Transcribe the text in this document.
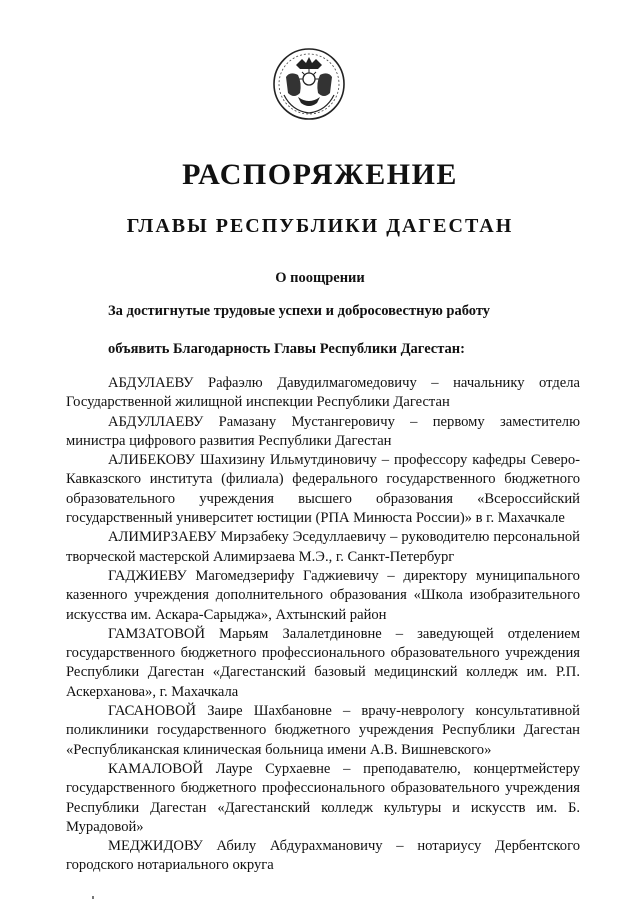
РАСПОРЯЖЕНИЕ
ГЛАВЫ РЕСПУБЛИКИ ДАГЕСТАН
О поощрении
За достигнутые трудовые успехи и добросовестную работу
объявить Благодарность Главы Республики Дагестан:

АБДУЛАЕВУ Рафаэлю Давудилмагомедовичу – начальнику отдела Государственной жилищной инспекции Республики Дагестан

АБДУЛЛАЕВУ Рамазану Мустангеровичу – первому заместителю министра цифрового развития Республики Дагестан

АЛИБЕКОВУ Шахизину Ильмутдиновичу – профессору кафедры Северо-Кавказского института (филиала) федерального государственного бюджетного образовательного учреждения высшего образования «Всероссийский государственный университет юстиции (РПА Минюста России)» в г. Махачкале

АЛИМИРЗАЕВУ Мирзабеку Эседуллаевичу – руководителю персональной творческой мастерской Алимирзаева М.Э., г. Санкт-Петербург

ГАДЖИЕВУ Магомедзерифу Гаджиевичу – директору муниципального казенного учреждения дополнительного образования «Школа изобразительного искусства им. Аскара-Сарыджа», Ахтынский район

ГАМЗАТОВОЙ Марьям Залалетдиновне – заведующей отделением государственного бюджетного профессионального образовательного учреждения Республики Дагестан «Дагестанский базовый медицинский колледж им. Р.П. Аскерханова», г. Махачкала

ГАСАНОВОЙ Заире Шахбановне – врачу-неврологу консультативной поликлиники государственного бюджетного учреждения Республики Дагестан «Республиканская клиническая больница имени А.В. Вишневского»

КАМАЛОВОЙ Лауре Сурхаевне – преподавателю, концертмейстеру государственного бюджетного профессионального образовательного учреждения Республики Дагестан «Дагестанский колледж культуры и искусств им. Б. Мурадовой»

МЕДЖИДОВУ Абилу Абдурахмановичу – нотариусу Дербентского городского нотариального округа
